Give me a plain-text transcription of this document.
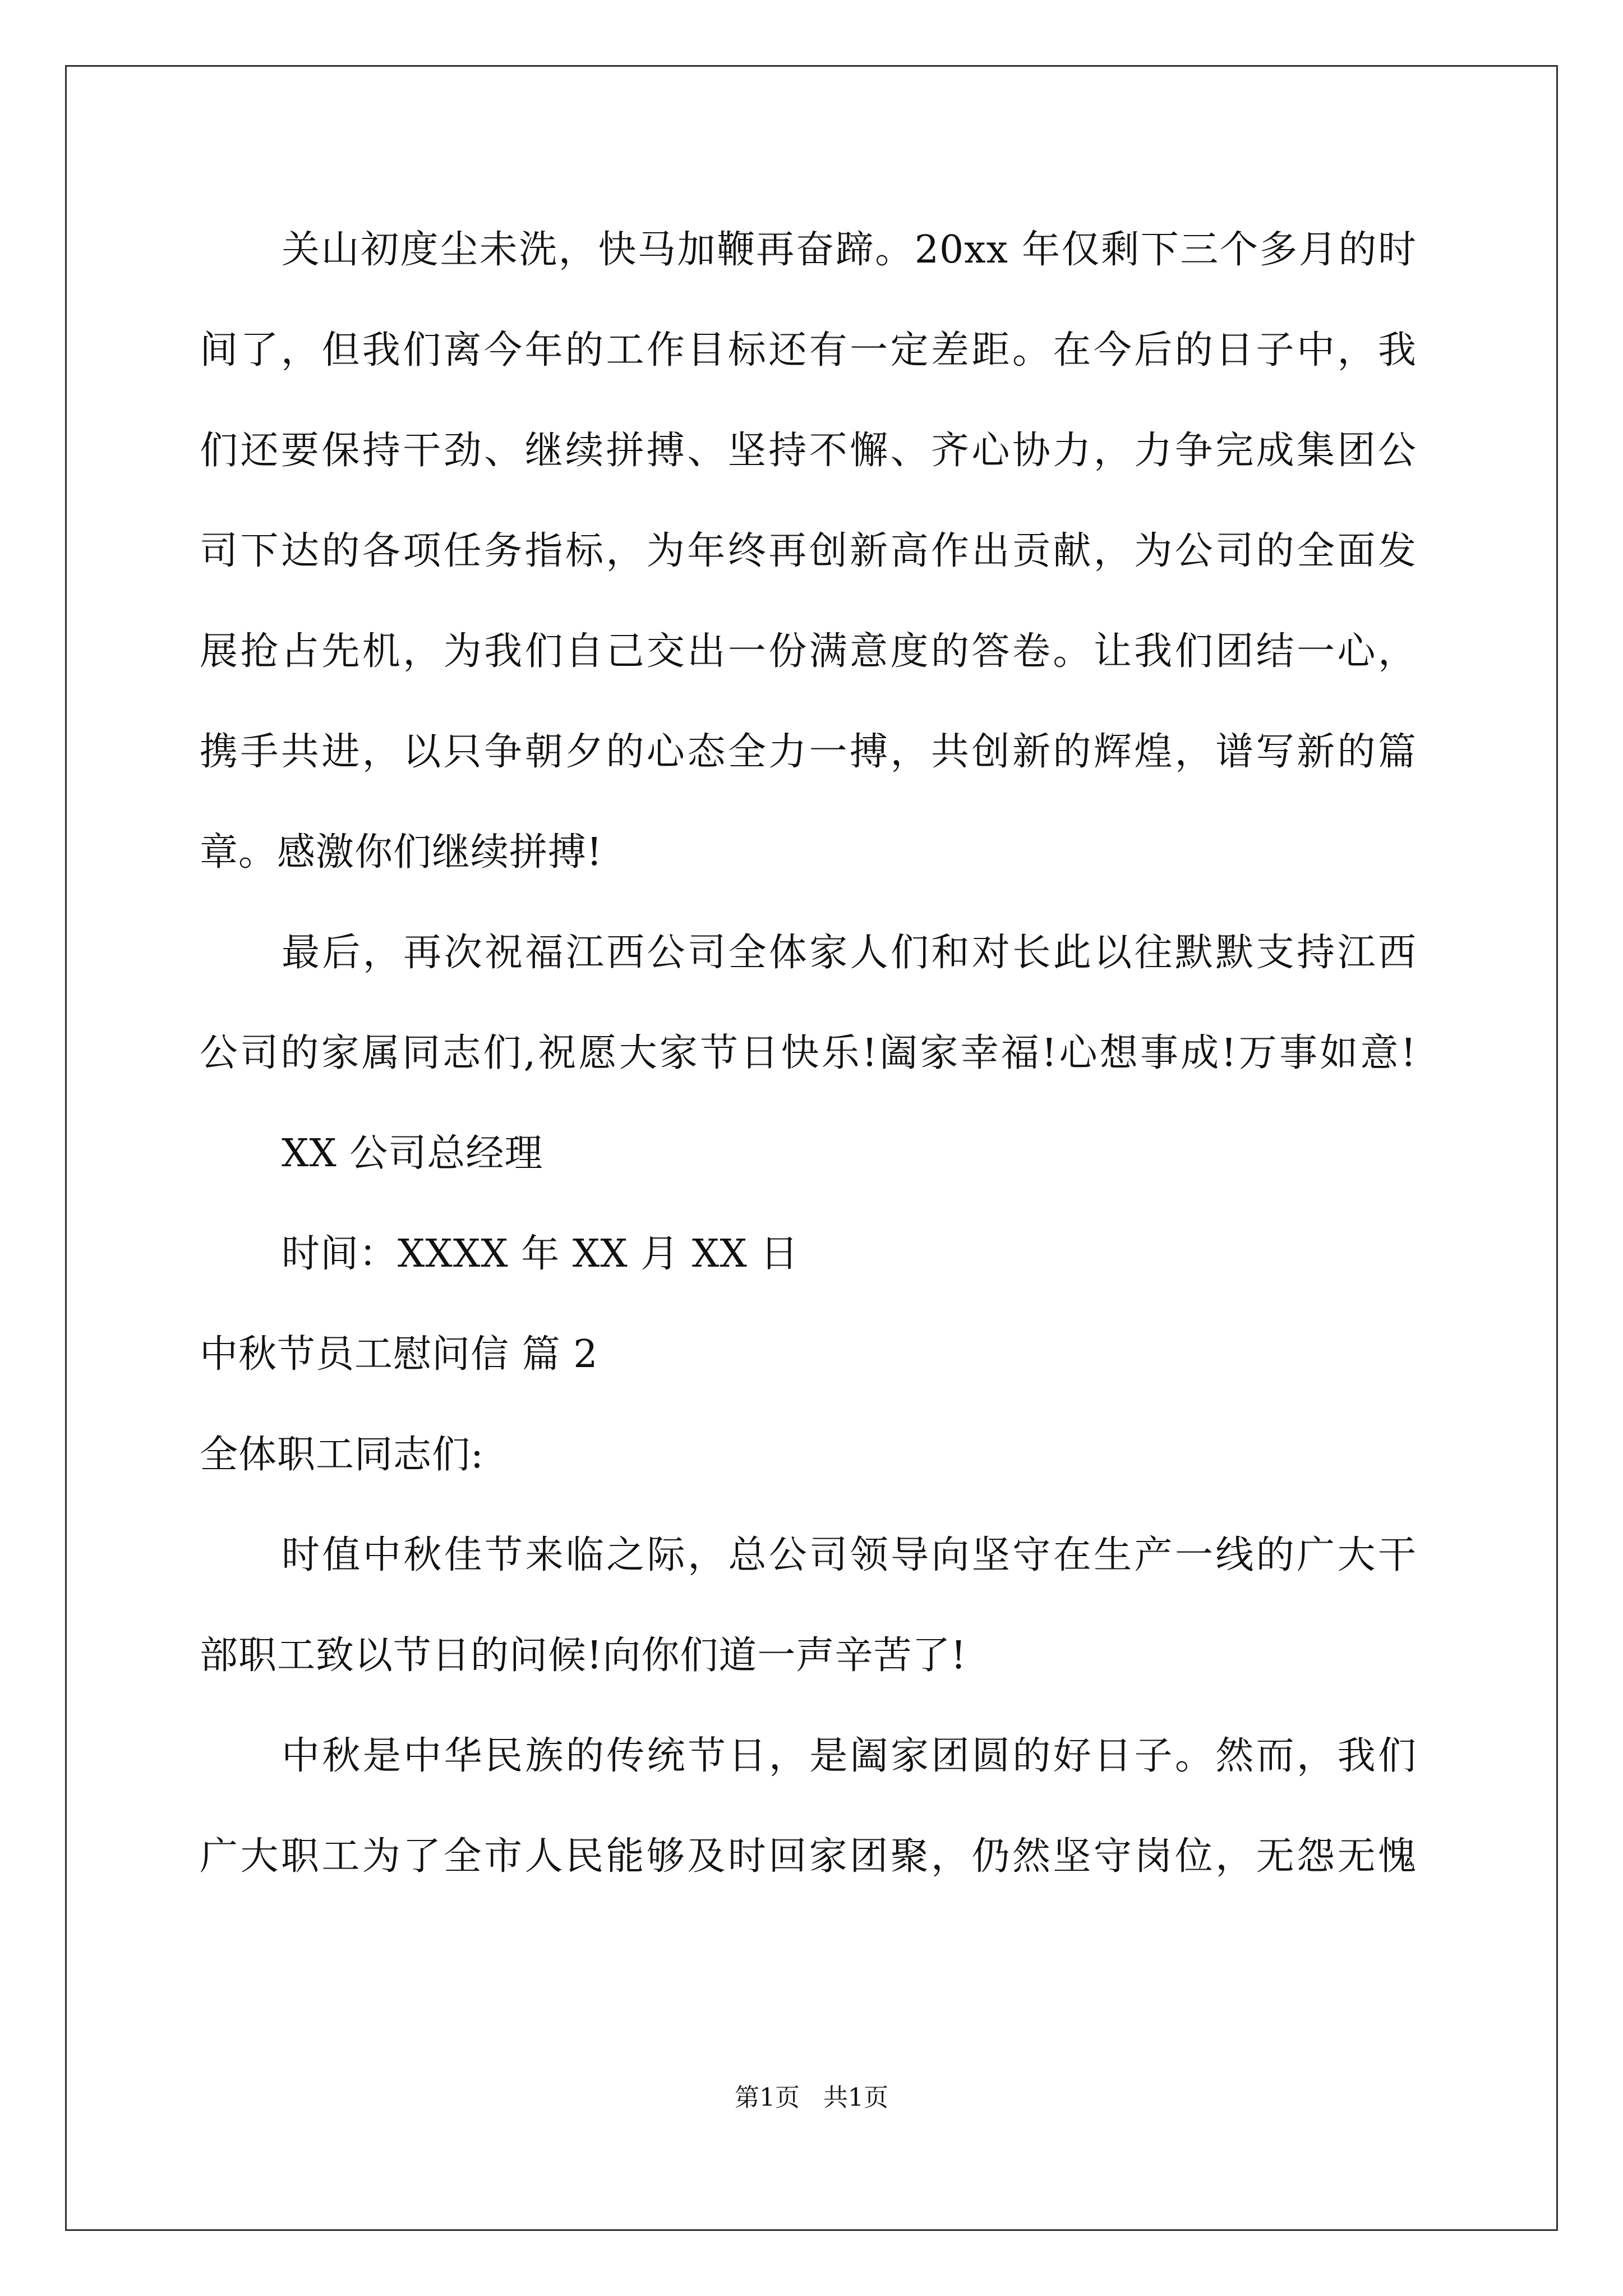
关山初度尘未洗，快马加鞭再奋蹄。20xx 年仅剩下三个多月的时
间了，但我们离今年的工作目标还有一定差距。在今后的日子中，我
们还要保持干劲、继续拼搏、坚持不懈、齐心协力，力争完成集团公
司下达的各项任务指标，为年终再创新高作出贡献，为公司的全面发
展抢占先机，为我们自己交出一份满意度的答卷。让我们团结一心，
携手共进，以只争朝夕的心态全力一搏，共创新的辉煌，谱写新的篇
章。感激你们继续拼搏!
最后，再次祝福江西公司全体家人们和对长此以往默默支持江西
公司的家属同志们,祝愿大家节日快乐!阖家幸福!心想事成!万事如意!
XX 公司总经理
时间：XXXX 年 XX 月 XX 日
中秋节员工慰问信 篇 2
全体职工同志们:
时值中秋佳节来临之际，总公司领导向坚守在生产一线的广大干
部职工致以节日的问候!向你们道一声辛苦了!
中秋是中华民族的传统节日，是阖家团圆的好日子。然而，我们
广大职工为了全市人民能够及时回家团聚，仍然坚守岗位，无怨无愧
第1页   共1页
